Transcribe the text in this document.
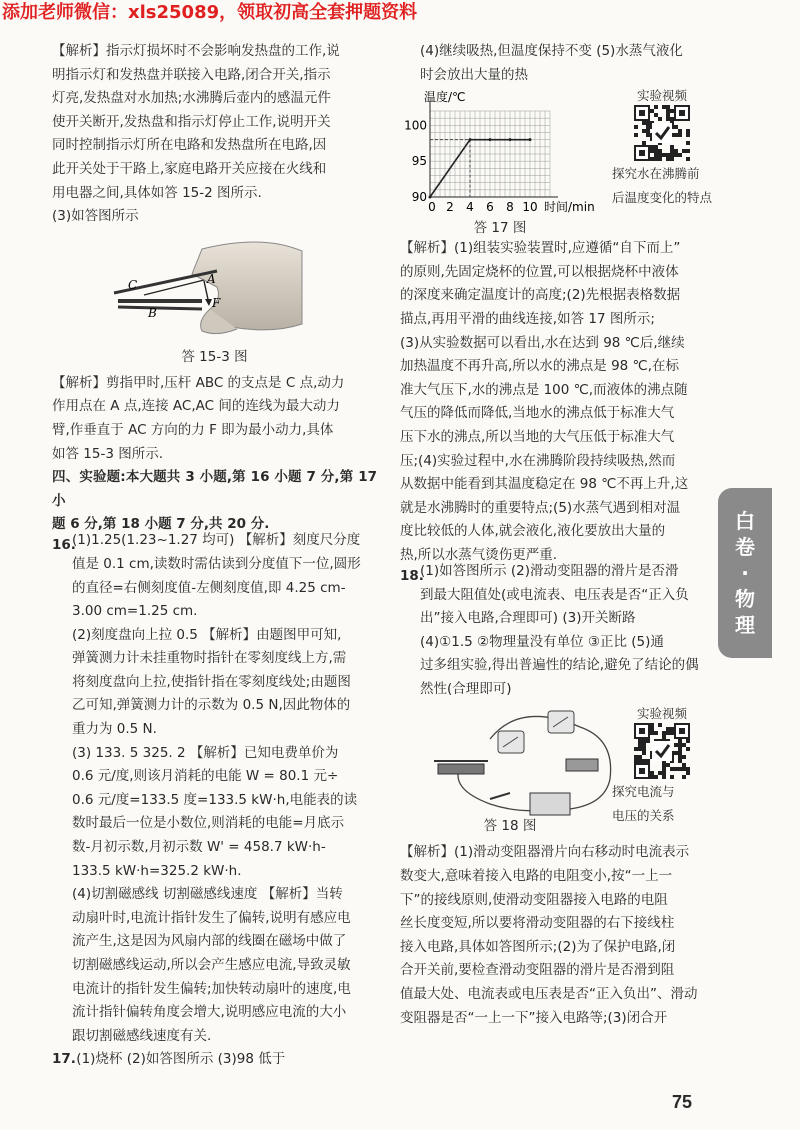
添加老师微信：xls25089，领取初高全套押题资料

【解析】指示灯损坏时不会影响发热盘的工作,说

明指示灯和发热盘并联接入电路,闭合开关,指示

灯亮,发热盘对水加热;水沸腾后壶内的感温元件

使开关断开,发热盘和指示灯停止工作,说明开关

同时控制指示灯所在电路和发热盘所在电路,因

此开关处于干路上,家庭电路开关应接在火线和

用电器之间,具体如答 15-2 图所示.

(3)如答图所示

C	A
F
B

答 15-3 图

【解析】剪指甲时,压杆 ABC 的支点是 C 点,动力

作用点在 A 点,连接 AC,AC 间的连线为最大动力

臂,作垂直于 AC 方向的力 F 即为最小动力,具体

如答 15-3 图所示.

四、实验题:本大题共 3 小题,第 16 小题 7 分,第 17 小

题 6 分,第 18 小题 7 分,共 20 分.

16.

(1)1.25(1.23~1.27 均可) 【解析】刻度尺分度

值是 0.1 cm,读数时需估读到分度值下一位,圆形

的直径=右侧刻度值-左侧刻度值,即 4.25 cm-

3.00 cm=1.25 cm.

(2)刻度盘向上拉 0.5 【解析】由题图甲可知,

弹簧测力计未挂重物时指针在零刻度线上方,需

将刻度盘向上拉,使指针指在零刻度线处;由题图

乙可知,弹簧测力计的示数为 0.5 N,因此物体的

重力为 0.5 N.

(3) 133. 5 325. 2 【解析】已知电费单价为

0.6 元/度,则该月消耗的电能 W = 80.1 元÷

0.6 元/度=133.5 度=133.5 kW·h,电能表的读

数时最后一位是小数位,则消耗的电能=月底示

数-月初示数,月初示数 W' = 458.7 kW·h-

133.5 kW·h=325.2 kW·h.

(4)切割磁感线 切割磁感线速度 【解析】当转

动扇叶时,电流计指针发生了偏转,说明有感应电

流产生,这是因为风扇内部的线圈在磁场中做了

切割磁感线运动,所以会产生感应电流,导致灵敏

电流计的指针发生偏转;加快转动扇叶的速度,电

流计指针偏转角度会增大,说明感应电流的大小

跟切割磁感线速度有关.

17.

(1)烧杯 (2)如答图所示 (3)98 低于

(4)继续吸热,但温度保持不变 (5)水蒸气液化

时会放出大量的热

温度/℃
时间/min
90
95
100
2 4 6 8 10
0
实验视频

探究水在沸腾前

后温度变化的特点

答 17 图

【解析】(1)组装实验装置时,应遵循“自下而上”

的原则,先固定烧杯的位置,可以根据烧杯中液体

的深度来确定温度计的高度;(2)先根据表格数据

描点,再用平滑的曲线连接,如答 17 图所示;

(3)从实验数据可以看出,水在达到 98 ℃后,继续

加热温度不再升高,所以水的沸点是 98 ℃,在标

准大气压下,水的沸点是 100 ℃,而液体的沸点随

气压的降低而降低,当地水的沸点低于标准大气

压下水的沸点,所以当地的大气压低于标准大气

压;(4)实验过程中,水在沸腾阶段持续吸热,然而

从数据中能看到其温度稳定在 98 ℃不再上升,这

就是水沸腾时的重要特点;(5)水蒸气遇到相对温

度比较低的人体,就会液化,液化要放出大量的

热,所以水蒸气烫伤更严重.

18.

(1)如答图所示 (2)滑动变阻器的滑片是否滑

到最大阻值处(或电流表、电压表是否“正入负

出”接入电路,合理即可) (3)开关断路

(4)①1.5 ②物理量没有单位 ③正比 (5)通

过多组实验,得出普遍性的结论,避免了结论的偶

然性(合理即可)

答 18 图
实验视频

探究电流与

电压的关系

【解析】(1)滑动变阻器滑片向右移动时电流表示

数变大,意味着接入电路的电阻变小,按“一上一

下”的接线原则,使滑动变阻器接入电路的电阻

丝长度变短,所以要将滑动变阻器的右下接线柱

接入电路,具体如答图所示;(2)为了保护电路,闭

合开关前,要检查滑动变阻器的滑片是否滑到阻

值最大处、电流表或电压表是否“正入负出”、滑动

变阻器是否“一上一下”接入电路等;(3)闭合开

白
卷
·
物
理
75
